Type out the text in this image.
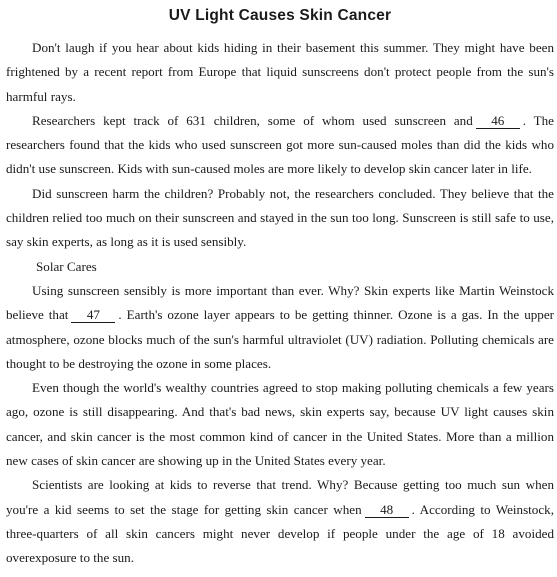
UV Light Causes Skin Cancer

Don't laugh if you hear about kids hiding in their basement this summer. They might have been frightened by a recent report from Europe that liquid sunscreens don't protect people from the sun's harmful rays.

Researchers kept track of 631 children, some of whom used sunscreen and 46 . The researchers found that the kids who used sunscreen got more sun-caused moles than did the kids who didn't use sunscreen. Kids with sun-caused moles are more likely to develop skin cancer later in life.

Did sunscreen harm the children? Probably not, the researchers concluded. They believe that the children relied too much on their sunscreen and stayed in the sun too long. Sunscreen is still safe to use, say skin experts, as long as it is used sensibly.

Solar Cares

Using sunscreen sensibly is more important than ever. Why? Skin experts like Martin Weinstock believe that 47 . Earth's ozone layer appears to be getting thinner. Ozone is a gas. In the upper atmosphere, ozone blocks much of the sun's harmful ultraviolet (UV) radiation. Polluting chemicals are thought to be destroying the ozone in some places.

Even though the world's wealthy countries agreed to stop making polluting chemicals a few years ago, ozone is still disappearing. And that's bad news, skin experts say, because UV light causes skin cancer, and skin cancer is the most common kind of cancer in the United States. More than a million new cases of skin cancer are showing up in the United States every year.

Scientists are looking at kids to reverse that trend. Why? Because getting too much sun when you're a kid seems to set the stage for getting skin cancer when 48 . According to Weinstock, three-quarters of all skin cancers might never develop if people under the age of 18 avoided overexposure to the sun.
